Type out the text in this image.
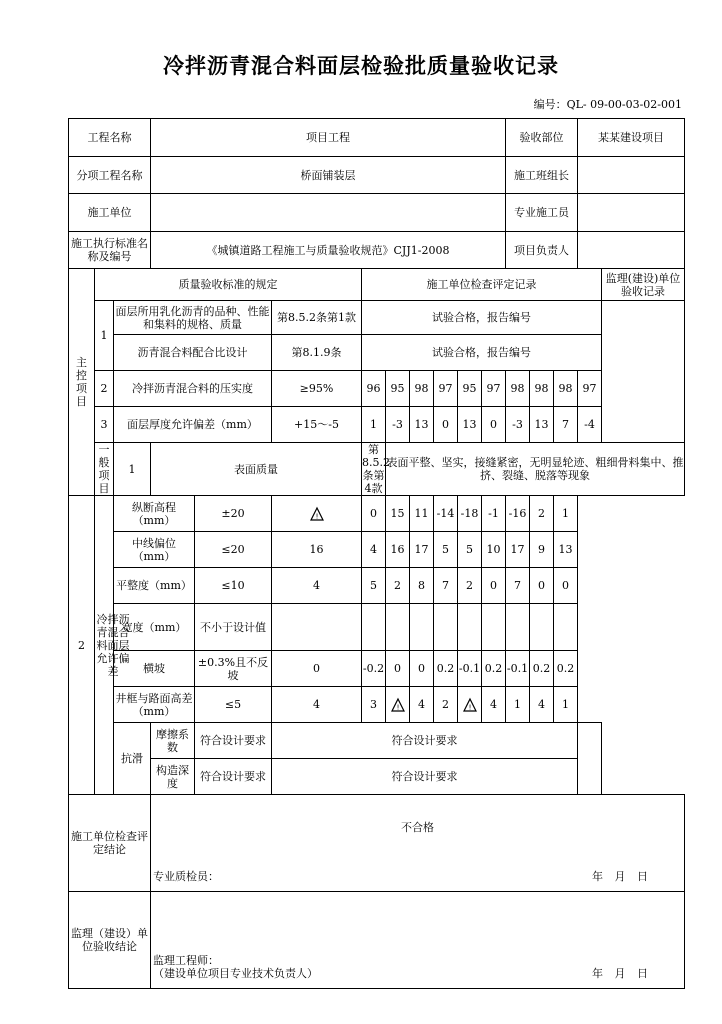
冷拌沥青混合料面层检验批质量验收记录
编号：QL- 09-00-03-02-001
工程名称			项目工程									验收部位			某某建设项目		
分项工程名称			桥面铺装层									施工班组长					
施工单位												专业施工员					
施工执行标准名称及编号			《城镇道路工程施工与质量验收规范》CJJ1-2008									项目负责人					
主控项目	质量验收标准的规定					施工单位检查评定记录										监理(建设)单位验收记录	
	1	面层所用乳化沥青的品种、性能和集料的规格、质量			第8.5.2条第1款	试验合格，报告编号											
		沥青混合料配合比设计			第8.1.9条	试验合格，报告编号											
	2	冷拌沥青混合料的压实度			≥95%	96	95	98	97	95	97	98	98	98	97		
	3	面层厚度允许偏差（mm）			+15～-5	1	-3	13	0	13	0	-3	13	7	-4		
	一般项目	1	表面质量			第8.5.2条第4款	表面平整、坚实，接缝紧密，无明显轮迹、粗细骨料集中、推挤、裂缝、脱落等现象										
2	冷拌沥青混合料面层允许偏差	纵断高程（mm）		±20	!	0	15	11	-14	-18	-1	-16	2	1			
		中线偏位（mm）		≤20	16	4	16	17	5	5	10	17	9	13			
		平整度（mm）		≤10	4	5	2	8	7	2	0	7	0	0			
		宽度（mm）		不小于设计值													
		横坡		±0.3%且不反坡	0	-0.2	0	0	0.2	-0.1	0.2	-0.1	0.2	0.2			
		井框与路面高差（mm）		≤5	4	3	!	4	2	!	4	1	4	1			
		抗滑	摩擦系数	符合设计要求	符合设计要求												
			构造深度	符合设计要求	符合设计要求												
施工单位检查评定结论			不合格
专业质检员： 年 月 日														

监理（建设）单位验收结论			监理工程师：
（建设单位项目专业技术负责人） 年 月 日														
